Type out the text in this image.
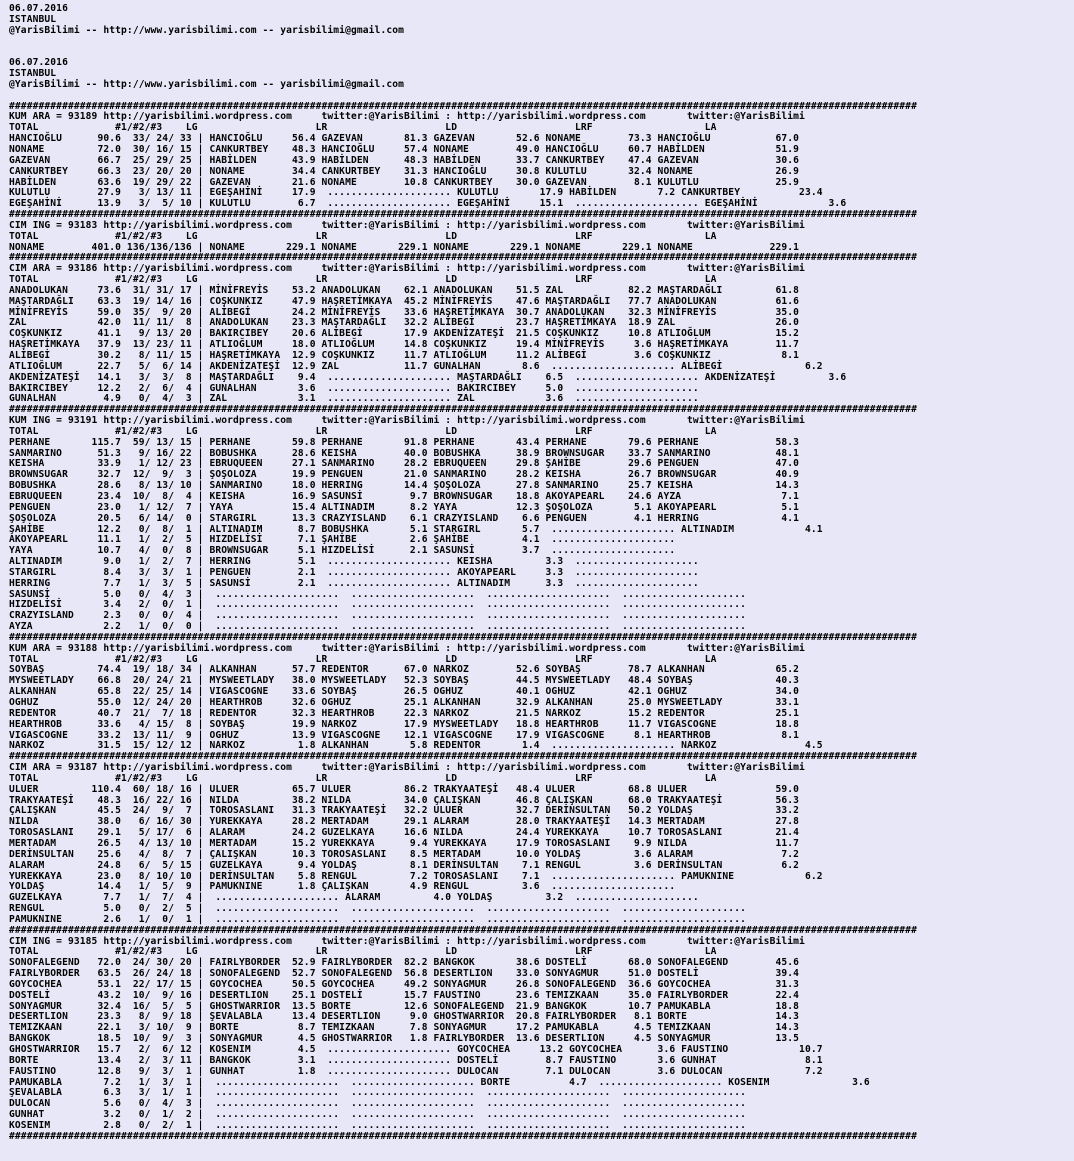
06.07.2016
ISTANBUL
@YarisBilimi -- http://www.yarisbilimi.com -- yarisbilimi@gmail.com

06.07.2016
ISTANBUL
@YarisBilimi -- http://www.yarisbilimi.com -- yarisbilimi@gmail.com

##########################################################################################################################################################
KUM ARA = 93189 http://yarisbilimi.wordpress.com     twitter:@YarisBilimi : http://yarisbilimi.wordpress.com       twitter:@YarisBilimi
TOTAL             #1/#2/#3    LG                    LR                    LD                    LRF                   LA
HANCIOĞLU      90.6  33/ 24/ 33 | HANCIOĞLU     56.4 GAZEVAN       81.3 GAZEVAN       52.6 NONAME        73.3 HANCIOĞLU           67.0
NONAME         72.0  30/ 16/ 15 | CANKURTBEY    48.3 HANCIOĞLU     57.4 NONAME        49.0 HANCIOĞLU     60.7 HABİLDEN            51.9
GAZEVAN        66.7  25/ 29/ 25 | HABİLDEN      43.9 HABİLDEN      48.3 HABİLDEN      33.7 CANKURTBEY    47.4 GAZEVAN             30.6
CANKURTBEY     66.3  23/ 20/ 20 | NONAME        34.4 CANKURTBEY    31.3 HANCIOĞLU     30.8 KULUTLU       32.4 NONAME              26.9
HABİLDEN       63.6  19/ 29/ 22 | GAZEVAN       21.6 NONAME        10.8 CANKURTBEY    30.0 GAZEVAN        8.1 KULUTLU             25.9
KULUTLU        27.9   3/ 13/ 11 | EGEŞAHİNİ     17.9  ..................... KULUTLU       17.9 HABİLDEN       7.2 CANKURTBEY          23.4
EGEŞAHİNİ      13.9   3/  5/ 10 | KULUTLU        6.7  ..................... EGEŞAHİNİ     15.1  ..................... EGEŞAHİNİ            3.6
##########################################################################################################################################################
CIM ING = 93183 http://yarisbilimi.wordpress.com     twitter:@YarisBilimi : http://yarisbilimi.wordpress.com       twitter:@YarisBilimi
TOTAL             #1/#2/#3    LG                    LR                    LD                    LRF                   LA
NONAME        401.0 136/136/136 | NONAME       229.1 NONAME       229.1 NONAME       229.1 NONAME       229.1 NONAME             229.1
##########################################################################################################################################################
CIM ARA = 93186 http://yarisbilimi.wordpress.com     twitter:@YarisBilimi : http://yarisbilimi.wordpress.com       twitter:@YarisBilimi
TOTAL             #1/#2/#3    LG                    LR                    LD                    LRF                   LA
ANADOLUKAN     73.6  31/ 31/ 17 | MİNİFREYİS    53.2 ANADOLUKAN    62.1 ANADOLUKAN    51.5 ZAL           82.2 MAŞTARDAĞLI         61.8
MAŞTARDAĞLI    63.3  19/ 14/ 16 | COŞKUNKIZ     47.9 HAŞRETİMKAYA  45.2 MİNİFREYİS    47.6 MAŞTARDAĞLI   77.7 ANADOLUKAN          61.6
MİNİFREYİS     59.0  35/  9/ 20 | ALİBEGİ       24.2 MİNİFREYİS    33.6 HAŞRETİMKAYA  30.7 ANADOLUKAN    32.3 MİNİFREYİS          35.0
ZAL            42.0  11/ 11/  8 | ANADOLUKAN    23.3 MAŞTARDAĞLI   32.2 ALİBEGİ       23.7 HAŞRETİMKAYA  18.9 ZAL                 26.0
COŞKUNKIZ      41.1   9/ 13/ 20 | BAKIRCIBEY    20.6 ALİBEGİ       17.9 AKDENİZATEŞİ  21.5 COŞKUNKIZ     10.8 ATLIOĞLUM           15.2
HAŞRETİMKAYA   37.9  13/ 23/ 11 | ATLIOĞLUM     18.0 ATLIOĞLUM     14.8 COŞKUNKIZ     19.4 MİNİFREYİS     3.6 HAŞRETİMKAYA        11.7
ALİBEGİ        30.2   8/ 11/ 15 | HAŞRETİMKAYA  12.9 COŞKUNKIZ     11.7 ATLIOĞLUM     11.2 ALİBEGİ        3.6 COŞKUNKIZ            8.1
ATLIOĞLUM      22.7   5/  6/ 14 | AKDENİZATEŞİ  12.9 ZAL           11.7 GUNALHAN       8.6  ..................... ALİBEGİ              6.2
AKDENİZATEŞİ   14.1   3/  3/  8 | MAŞTARDAĞLI    9.4  ..................... MAŞTARDAĞLI    6.5  ..................... AKDENİZATEŞİ         3.6
BAKIRCIBEY     12.2   2/  6/  4 | GUNALHAN       3.6  ..................... BAKIRCIBEY     5.0  .....................
GUNALHAN        4.9   0/  4/  3 | ZAL            3.1  ..................... ZAL            3.6  .....................
##########################################################################################################################################################
KUM ING = 93191 http://yarisbilimi.wordpress.com     twitter:@YarisBilimi : http://yarisbilimi.wordpress.com       twitter:@YarisBilimi
TOTAL             #1/#2/#3    LG                    LR                    LD                    LRF                   LA
PERHANE       115.7  59/ 13/ 15 | PERHANE       59.8 PERHANE       91.8 PERHANE       43.4 PERHANE       79.6 PERHANE             58.3
SANMARINO      51.3   9/ 16/ 22 | BOBUSHKA      28.6 KEISHA        40.0 BOBUSHKA      38.9 BROWNSUGAR    33.7 SANMARINO           48.1
KEISHA         33.9   1/ 12/ 23 | EBRUQUEEN     27.1 SANMARINO     28.2 EBRUQUEEN     29.8 ŞAHİBE        29.6 PENGUEN             47.0
BROWNSUGAR     32.7  12/  9/  3 | ŞOŞOLOZA      19.9 PENGUEN       21.0 SANMARINO     28.2 KEISHA        26.7 BROWNSUGAR          40.9
BOBUSHKA       28.6   8/ 13/ 10 | SANMARINO     18.0 HERRING       14.4 ŞOŞOLOZA      27.8 SANMARINO     25.7 KEISHA              14.3
EBRUQUEEN      23.4  10/  8/  4 | KEISHA        16.9 SASUNSİ        9.7 BROWNSUGAR    18.8 AKOYAPEARL    24.6 AYZA                 7.1
PENGUEN        23.0   1/ 12/  7 | YAYA          15.4 ALTINADIM      8.2 YAYA          12.3 ŞOŞOLOZA       5.1 AKOYAPEARL           5.1
ŞOŞOLOZA       20.5   6/ 14/  0 | STARGIRL      13.3 CRAZYISLAND    6.1 CRAZYISLAND    6.6 PENGUEN        4.1 HERRING              4.1
ŞAHİBE         12.2   0/  8/  1 | ALTINADIM      8.7 BOBUSHKA       5.1 STARGIRL       5.7  ..................... ALTINADIM            4.1
AKOYAPEARL     11.1   1/  2/  5 | HIZDELİSİ      7.1 ŞAHİBE         2.6 ŞAHİBE         4.1  .....................
YAYA           10.7   4/  0/  8 | BROWNSUGAR     5.1 HIZDELİSİ      2.1 SASUNSİ        3.7  .....................
ALTINADIM       9.0   1/  2/  7 | HERRING        5.1  ..................... KEISHA         3.3  .....................
STARGIRL        8.4   3/  3/  1 | PENGUEN        2.1  ..................... AKOYAPEARL     3.3  .....................
HERRING         7.7   1/  3/  5 | SASUNSİ        2.1  ..................... ALTINADIM      3.3  .....................
SASUNSİ         5.0   0/  4/  3 |  .....................  .....................  .....................  .....................
HIZDELİSİ       3.4   2/  0/  1 |  .....................  .....................  .....................  .....................
CRAZYISLAND     2.3   0/  0/  4 |  .....................  .....................  .....................  .....................
AYZA            2.2   1/  0/  0 |  .....................  .....................  .....................  .....................
##########################################################################################################################################################
KUM ARA = 93188 http://yarisbilimi.wordpress.com     twitter:@YarisBilimi : http://yarisbilimi.wordpress.com       twitter:@YarisBilimi
TOTAL             #1/#2/#3    LG                    LR                    LD                    LRF                   LA
SOYBAŞ         74.4  19/ 18/ 34 | ALKANHAN      57.7 REDENTOR      67.0 NARKOZ        52.6 SOYBAŞ        78.7 ALKANHAN            65.2
MYSWEETLADY    66.8  20/ 24/ 21 | MYSWEETLADY   38.0 MYSWEETLADY   52.3 SOYBAŞ        44.5 MYSWEETLADY   48.4 SOYBAŞ              40.3
ALKANHAN       65.8  22/ 25/ 14 | VIGASCOGNE    33.6 SOYBAŞ        26.5 OGHUZ         40.1 OGHUZ         42.1 OGHUZ               34.0
OGHUZ          55.0  12/ 24/ 20 | HEARTHROB     32.6 OGHUZ         25.1 ALKANHAN      32.9 ALKANHAN      25.0 MYSWEETLADY         33.1
REDENTOR       40.7  21/  7/ 18 | REDENTOR      32.3 HEARTHROB     22.3 NARKOZ        21.5 NARKOZ        15.2 REDENTOR            25.1
HEARTHROB      33.6   4/ 15/  8 | SOYBAŞ        19.9 NARKOZ        17.9 MYSWEETLADY   18.8 HEARTHROB     11.7 VIGASCOGNE          18.8
VIGASCOGNE     33.2  13/ 11/  9 | OGHUZ         13.9 VIGASCOGNE    12.1 VIGASCOGNE    17.9 VIGASCOGNE     8.1 HEARTHROB            8.1
NARKOZ         31.5  15/ 12/ 12 | NARKOZ         1.8 ALKANHAN       5.8 REDENTOR       1.4  ..................... NARKOZ               4.5
##########################################################################################################################################################
CIM ARA = 93187 http://yarisbilimi.wordpress.com     twitter:@YarisBilimi : http://yarisbilimi.wordpress.com       twitter:@YarisBilimi
TOTAL             #1/#2/#3    LG                    LR                    LD                    LRF                   LA
ULUER         110.4  60/ 18/ 16 | ULUER         65.7 ULUER         86.2 TRAKYAATEŞİ   48.4 ULUER         68.8 ULUER               59.0
TRAKYAATEŞİ    48.3  16/ 22/ 16 | NILDA         38.2 NILDA         34.0 ÇALIŞKAN      46.8 ÇALIŞKAN      68.0 TRAKYAATEŞİ         56.3
ÇALIŞKAN       45.5  24/  9/  7 | TOROSASLANI   31.3 TRAKYAATEŞİ   32.2 ULUER         32.7 DERİNSULTAN   50.2 YOLDAŞ              33.2
NILDA          38.0   6/ 16/ 30 | YUREKKAYA     28.2 MERTADAM      29.1 ALARAM        28.0 TRAKYAATEŞİ   14.3 MERTADAM            27.8
TOROSASLANI    29.1   5/ 17/  6 | ALARAM        24.2 GUZELKAYA     16.6 NILDA         24.4 YUREKKAYA     10.7 TOROSASLANI         21.4
MERTADAM       26.5   4/ 13/ 10 | MERTADAM      15.2 YUREKKAYA      9.4 YUREKKAYA     17.9 TOROSASLANI    9.9 NILDA               11.7
DERİNSULTAN    25.6   4/  8/  7 | ÇALIŞKAN      10.3 TOROSASLANI    8.5 MERTADAM      10.0 YOLDAŞ         3.6 ALARAM               7.2
ALARAM         24.8   6/  5/ 15 | GUZELKAYA      9.4 YOLDAŞ         8.1 DERİNSULTAN    7.1 RENGUL         3.6 DERİNSULTAN          6.2
YUREKKAYA      23.0   8/ 10/ 10 | DERİNSULTAN    5.8 RENGUL         7.2 TOROSASLANI    7.1  ..................... PAMUKNINE            6.2
YOLDAŞ         14.4   1/  5/  9 | PAMUKNINE      1.8 ÇALIŞKAN       4.9 RENGUL         3.6  .....................
GUZELKAYA       7.7   1/  7/  4 |  ..................... ALARAM         4.0 YOLDAŞ         3.2  .....................
RENGUL          5.0   0/  2/  5 |  .....................  .....................  .....................  .....................
PAMUKNINE       2.6   1/  0/  1 |  .....................  .....................  .....................  .....................
##########################################################################################################################################################
CIM ING = 93185 http://yarisbilimi.wordpress.com     twitter:@YarisBilimi : http://yarisbilimi.wordpress.com       twitter:@YarisBilimi
TOTAL             #1/#2/#3    LG                    LR                    LD                    LRF                   LA
SONOFALEGEND   72.0  24/ 30/ 20 | FAIRLYBORDER  52.9 FAIRLYBORDER  82.2 BANGKOK       38.6 DOSTELİ       68.0 SONOFALEGEND        45.6
FAIRLYBORDER   63.5  26/ 24/ 18 | SONOFALEGEND  52.7 SONOFALEGEND  56.8 DESERTLION    33.0 SONYAGMUR     51.0 DOSTELİ             39.4
GOYCOCHEA      53.1  22/ 17/ 15 | GOYCOCHEA     50.5 GOYCOCHEA     49.2 SONYAGMUR     26.8 SONOFALEGEND  36.6 GOYCOCHEA           31.3
DOSTELİ        43.2  10/  9/ 16 | DESERTLION    25.1 DOSTELİ       15.7 FAUSTINO      23.6 TEMIZKAAN     35.0 FAIRLYBORDER        22.4
SONYAGMUR      32.4  16/  5/  5 | GHOSTWARRIOR  13.5 BORTE         12.6 SONOFALEGEND  21.9 BANGKOK       10.7 PAMUKABLA           18.8
DESERTLION     23.3   8/  9/ 18 | ŞEVALABLA     13.4 DESERTLION     9.0 GHOSTWARRIOR  20.8 FAIRLYBORDER   8.1 BORTE               14.3
TEMIZKAAN      22.1   3/ 10/  9 | BORTE          8.7 TEMIZKAAN      7.8 SONYAGMUR     17.2 PAMUKABLA      4.5 TEMIZKAAN           14.3
BANGKOK        18.5  10/  9/  3 | SONYAGMUR      4.5 GHOSTWARRIOR   1.8 FAIRLYBORDER  13.6 DESERTLION     4.5 SONYAGMUR           13.5
GHOSTWARRIOR   15.7   2/  6/ 12 | KOSENIM        4.5  ..................... GOYCOCHEA     13.2 GOYCOCHEA      3.6 FAUSTINO            10.7
BORTE          13.4   2/  3/ 11 | BANGKOK        3.1  ..................... DOSTELİ        8.7 FAUSTINO       3.6 GUNHAT               8.1
FAUSTINO       12.8   9/  3/  1 | GUNHAT         1.8  ..................... DULOCAN        7.1 DULOCAN        3.6 DULOCAN              7.2
PAMUKABLA       7.2   1/  3/  1 |  .....................  ..................... BORTE          4.7  ..................... KOSENIM              3.6
ŞEVALABLA       6.3   3/  1/  1 |  .....................  .....................  .....................  .....................
DULOCAN         5.6   0/  4/  3 |  .....................  .....................  .....................  .....................
GUNHAT          3.2   0/  1/  2 |  .....................  .....................  .....................  .....................
KOSENIM         2.8   0/  2/  1 |  .....................  .....................  .....................  .....................
##########################################################################################################################################################
